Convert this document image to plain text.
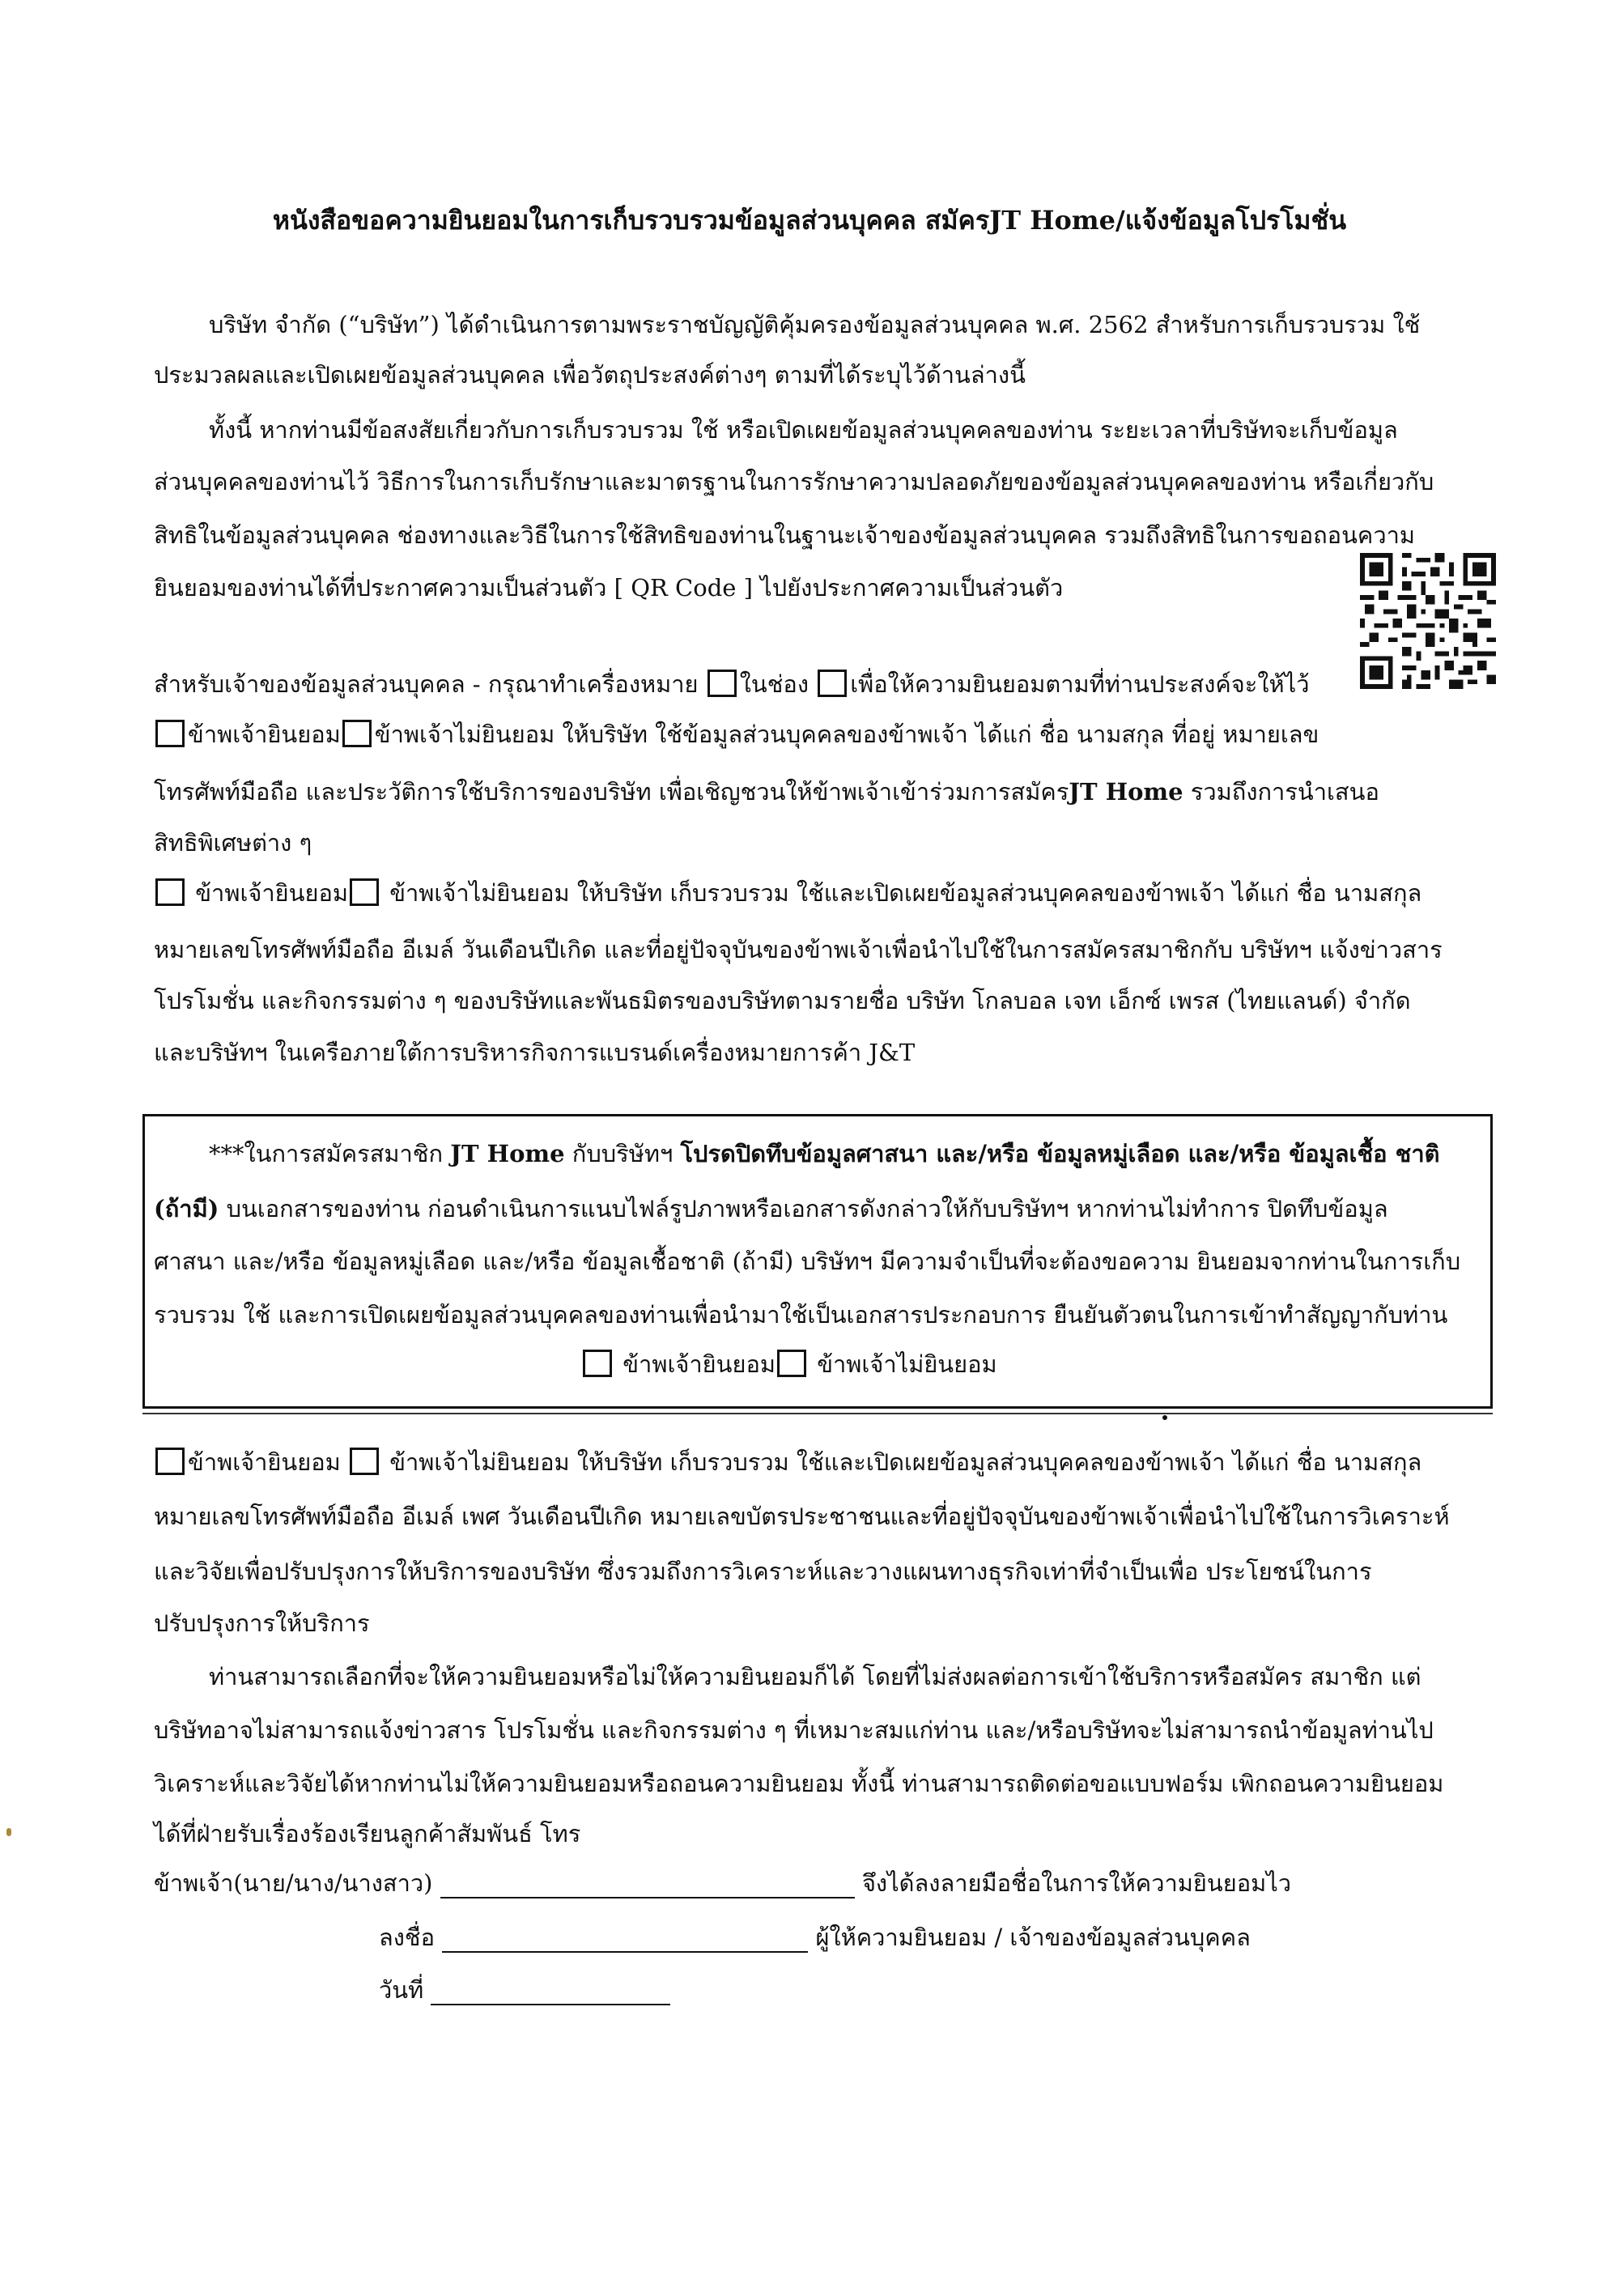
หนังสือขอความยินยอมในการเก็บรวบรวมข้อมูลส่วนบุคคล สมัครJT Home/แจ้งข้อมูลโปรโมชั่น
บริษัท จำกัด (“บริษัท”) ได้ดำเนินการตามพระราชบัญญัติคุ้มครองข้อมูลส่วนบุคคล พ.ศ. 2562 สำหรับการเก็บรวบรวม ใช้
ประมวลผลและเปิดเผยข้อมูลส่วนบุคคล เพื่อวัตถุประสงค์ต่างๆ ตามที่ได้ระบุไว้ด้านล่างนี้
ทั้งนี้ หากท่านมีข้อสงสัยเกี่ยวกับการเก็บรวบรวม ใช้ หรือเปิดเผยข้อมูลส่วนบุคคลของท่าน ระยะเวลาที่บริษัทจะเก็บข้อมูล
ส่วนบุคคลของท่านไว้ วิธีการในการเก็บรักษาและมาตรฐานในการรักษาความปลอดภัยของข้อมูลส่วนบุคคลของท่าน หรือเกี่ยวกับ
สิทธิในข้อมูลส่วนบุคคล ช่องทางและวิธีในการใช้สิทธิของท่านในฐานะเจ้าของข้อมูลส่วนบุคคล รวมถึงสิทธิในการขอถอนความ
ยินยอมของท่านได้ที่ประกาศความเป็นส่วนตัว [ QR Code ] ไปยังประกาศความเป็นส่วนตัว
สำหรับเจ้าของข้อมูลส่วนบุคคล - กรุณาทำเครื่องหมาย ในช่อง เพื่อให้ความยินยอมตามที่ท่านประสงค์จะให้ไว้
ข้าพเจ้ายินยอม ข้าพเจ้าไม่ยินยอม ให้บริษัท ใช้ข้อมูลส่วนบุคคลของข้าพเจ้า ได้แก่ ชื่อ นามสกุล ที่อยู่ หมายเลข
โทรศัพท์มือถือ และประวัติการใช้บริการของบริษัท เพื่อเชิญชวนให้ข้าพเจ้าเข้าร่วมการสมัครJT Home รวมถึงการนำเสนอ
สิทธิพิเศษต่าง ๆ
ข้าพเจ้ายินยอม ข้าพเจ้าไม่ยินยอม ให้บริษัท เก็บรวบรวม ใช้และเปิดเผยข้อมูลส่วนบุคคลของข้าพเจ้า ได้แก่ ชื่อ นามสกุล
หมายเลขโทรศัพท์มือถือ อีเมล์ วันเดือนปีเกิด และที่อยู่ปัจจุบันของข้าพเจ้าเพื่อนำไปใช้ในการสมัครสมาชิกกับ บริษัทฯ แจ้งข่าวสาร
โปรโมชั่น และกิจกรรมต่าง ๆ ของบริษัทและพันธมิตรของบริษัทตามรายชื่อ บริษัท โกลบอล เจท เอ็กซ์ เพรส (ไทยแลนด์) จำกัด
และบริษัทฯ ในเครือภายใต้การบริหารกิจการแบรนด์เครื่องหมายการค้า J&T
***ในการสมัครสมาชิก JT Home กับบริษัทฯ โปรดปิดทึบข้อมูลศาสนา และ/หรือ ข้อมูลหมู่เลือด และ/หรือ ข้อมูลเชื้อ ชาติ
(ถ้ามี) บนเอกสารของท่าน ก่อนดำเนินการแนบไฟล์รูปภาพหรือเอกสารดังกล่าวให้กับบริษัทฯ หากท่านไม่ทำการ ปิดทึบข้อมูล
ศาสนา และ/หรือ ข้อมูลหมู่เลือด และ/หรือ ข้อมูลเชื้อชาติ (ถ้ามี) บริษัทฯ มีความจำเป็นที่จะต้องขอความ ยินยอมจากท่านในการเก็บ
รวบรวม ใช้ และการเปิดเผยข้อมูลส่วนบุคคลของท่านเพื่อนำมาใช้เป็นเอกสารประกอบการ ยืนยันตัวตนในการเข้าทำสัญญากับท่าน
ข้าพเจ้ายินยอม ข้าพเจ้าไม่ยินยอม
ข้าพเจ้ายินยอม ข้าพเจ้าไม่ยินยอม ให้บริษัท เก็บรวบรวม ใช้และเปิดเผยข้อมูลส่วนบุคคลของข้าพเจ้า ได้แก่ ชื่อ นามสกุล
หมายเลขโทรศัพท์มือถือ อีเมล์ เพศ วันเดือนปีเกิด หมายเลขบัตรประชาชนและที่อยู่ปัจจุบันของข้าพเจ้าเพื่อนำไปใช้ในการวิเคราะห์
และวิจัยเพื่อปรับปรุงการให้บริการของบริษัท ซึ่งรวมถึงการวิเคราะห์และวางแผนทางธุรกิจเท่าที่จำเป็นเพื่อ ประโยชน์ในการ
ปรับปรุงการให้บริการ
ท่านสามารถเลือกที่จะให้ความยินยอมหรือไม่ให้ความยินยอมก็ได้ โดยที่ไม่ส่งผลต่อการเข้าใช้บริการหรือสมัคร สมาชิก แต่
บริษัทอาจไม่สามารถแจ้งข่าวสาร โปรโมชั่น และกิจกรรมต่าง ๆ ที่เหมาะสมแก่ท่าน และ/หรือบริษัทจะไม่สามารถนำข้อมูลท่านไป
วิเคราะห์และวิจัยได้หากท่านไม่ให้ความยินยอมหรือถอนความยินยอม ทั้งนี้ ท่านสามารถติดต่อขอแบบฟอร์ม เพิกถอนความยินยอม
ได้ที่ฝ่ายรับเรื่องร้องเรียนลูกค้าสัมพันธ์ โทร
ข้าพเจ้า(นาย/นาง/นางสาว)	จึงได้ลงลายมือชื่อในการให้ความยินยอมไว
ลงชื่อ	ผู้ให้ความยินยอม / เจ้าของข้อมูลส่วนบุคคล
วันที่
